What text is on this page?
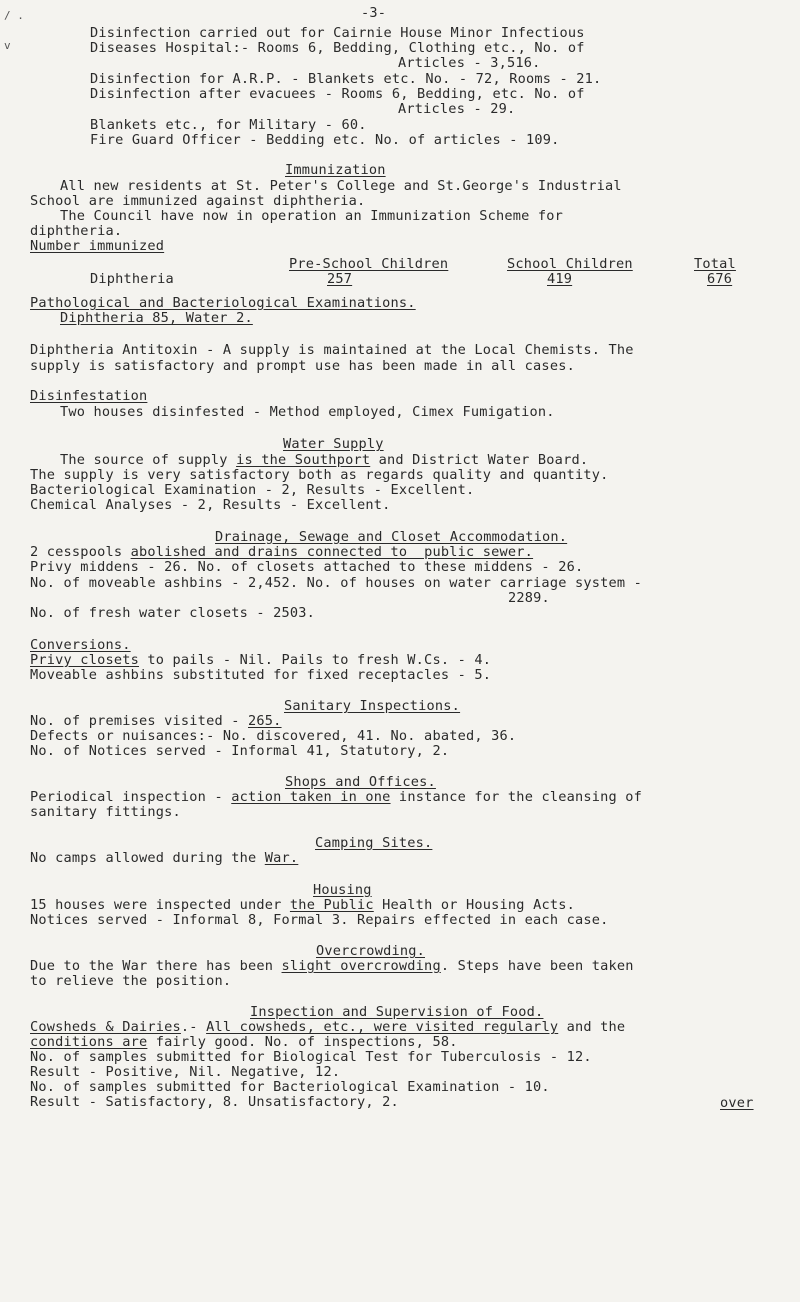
/ .	-3-
v
Disinfection carried out for Cairnie House Minor Infectious
Diseases Hospital:- Rooms 6, Bedding, Clothing etc., No. of
Articles - 3,516.
Disinfection for A.R.P. - Blankets etc. No. - 72, Rooms - 21.
Disinfection after evacuees - Rooms 6, Bedding, etc. No. of
Articles - 29.
Blankets etc., for Military - 60.
Fire Guard Officer - Bedding etc. No. of articles - 109.
Immunization
All new residents at St. Peter's College and St.George's Industrial
School are immunized against diphtheria.
The Council have now in operation an Immunization Scheme for
diphtheria.
Number immunized
Pre-School Children	School Children	Total
Diphtheria	257	419	676
Pathological and Bacteriological Examinations.
Diphtheria 85, Water 2.
Diphtheria Antitoxin - A supply is maintained at the Local Chemists. The
supply is satisfactory and prompt use has been made in all cases.
Disinfestation
Two houses disinfested - Method employed, Cimex Fumigation.
Water Supply
The source of supply is the Southport and District Water Board.
The supply is very satisfactory both as regards quality and quantity.
Bacteriological Examination - 2, Results - Excellent.
Chemical Analyses - 2, Results - Excellent.
Drainage, Sewage and Closet Accommodation.
2 cesspools abolished and drains connected to  public sewer.
Privy middens - 26. No. of closets attached to these middens - 26.
No. of moveable ashbins - 2,452. No. of houses on water carriage system -
2289.
No. of fresh water closets - 2503.
Conversions.
Privy closets to pails - Nil. Pails to fresh W.Cs. - 4.
Moveable ashbins substituted for fixed receptacles - 5.
Sanitary Inspections.
No. of premises visited - 265.
Defects or nuisances:- No. discovered, 41. No. abated, 36.
No. of Notices served - Informal 41, Statutory, 2.
Shops and Offices.
Periodical inspection - action taken in one instance for the cleansing of
sanitary fittings.
Camping Sites.
No camps allowed during the War.
Housing
15 houses were inspected under the Public Health or Housing Acts.
Notices served - Informal 8, Formal 3. Repairs effected in each case.
Overcrowding.
Due to the War there has been slight overcrowding. Steps have been taken
to relieve the position.
Inspection and Supervision of Food.
Cowsheds & Dairies.- All cowsheds, etc., were visited regularly and the
conditions are fairly good. No. of inspections, 58.
No. of samples submitted for Biological Test for Tuberculosis - 12.
Result - Positive, Nil. Negative, 12.
No. of samples submitted for Bacteriological Examination - 10.
Result - Satisfactory, 8. Unsatisfactory, 2.	over
